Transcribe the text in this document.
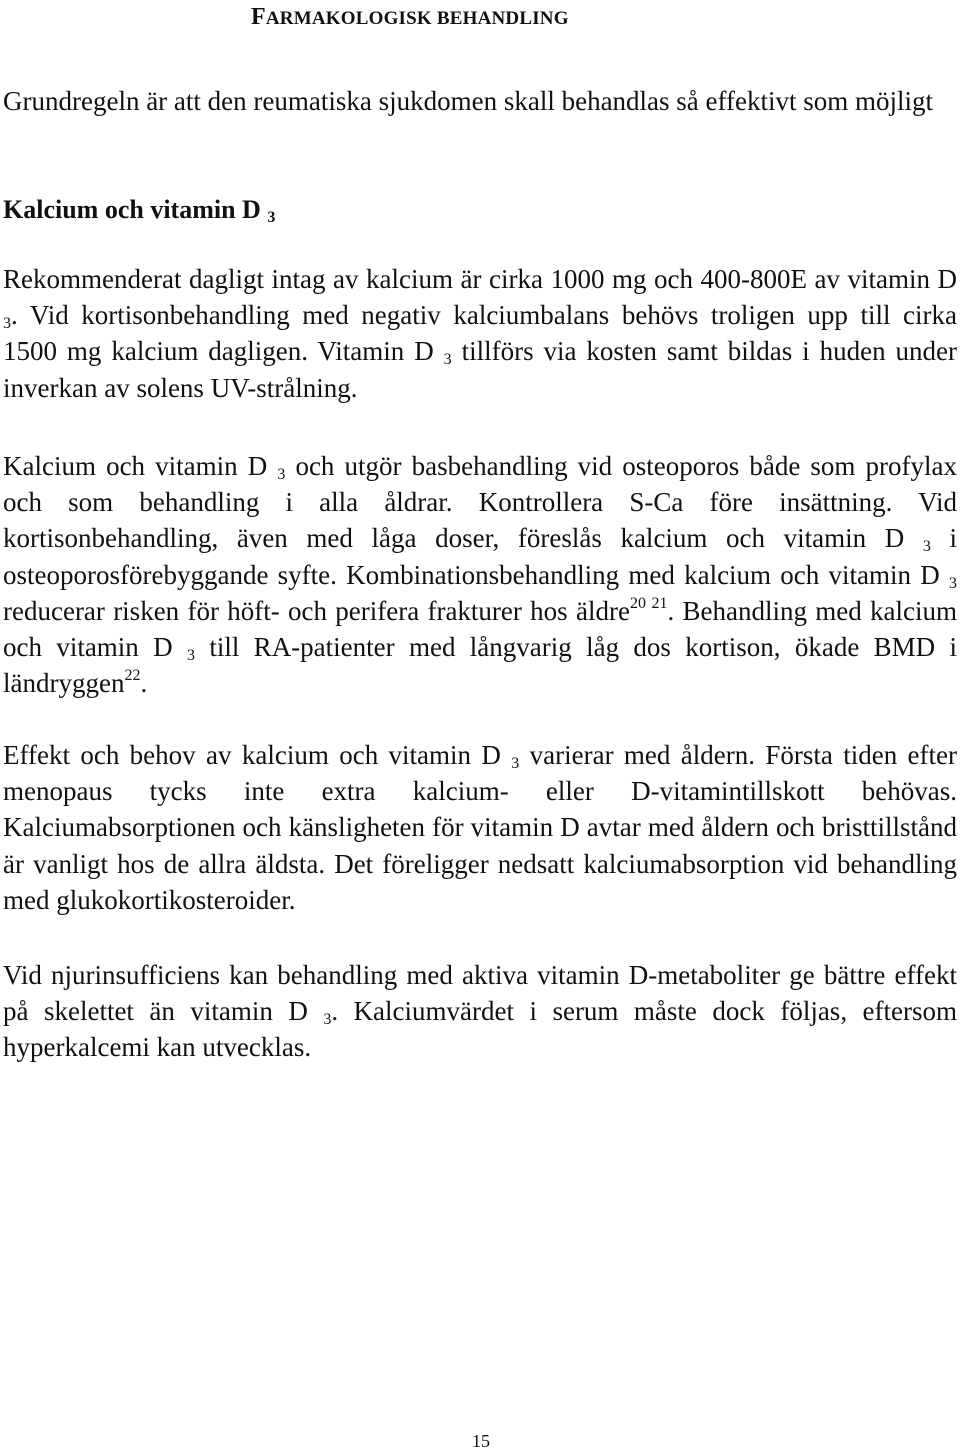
FARMAKOLOGISK BEHANDLING

Grundregeln är att den reumatiska sjukdomen skall behandlas så effektivt som möjligt

Kalcium och vitamin D $_3$

Rekommenderat dagligt intag av kalcium är cirka 1000 mg och 400-800E av vitamin D $_3$. Vid kortisonbehandling med negativ kalciumbalans behövs troligen upp till cirka 1500 mg kalcium dagligen. Vitamin D $_3$ tillförs via kosten samt bildas i huden under inverkan av solens UV-strålning.

Kalcium och vitamin D $_3$ och utgör basbehandling vid osteoporos både som profylax och som behandling i alla åldrar. Kontrollera S-Ca före insättning. Vid kortisonbehandling, även med låga doser, föreslås kalcium och vitamin D $_3$ i osteoporosförebyggande syfte. Kombinationsbehandling med kalcium och vitamin D $_3$ reducerar risken för höft- och perifera frakturer hos äldre$^{20 21}$. Behandling med kalcium och vitamin D $_3$ till RA-patienter med långvarig låg dos kortison, ökade BMD i ländryggen$^{22}$.

Effekt och behov av kalcium och vitamin D $_3$ varierar med åldern. Första tiden efter menopaus tycks inte extra kalcium- eller D-vitamintillskott behövas. Kalciumabsorptionen och känsligheten för vitamin D avtar med åldern och bristtillstånd är vanligt hos de allra äldsta. Det föreligger nedsatt kalciumabsorption vid behandling med glukokortikosteroider.

Vid njurinsufficiens kan behandling med aktiva vitamin D-metaboliter ge bättre effekt på skelettet än vitamin D $_3$. Kalciumvärdet i serum måste dock följas, eftersom hyperkalcemi kan utvecklas.

15
